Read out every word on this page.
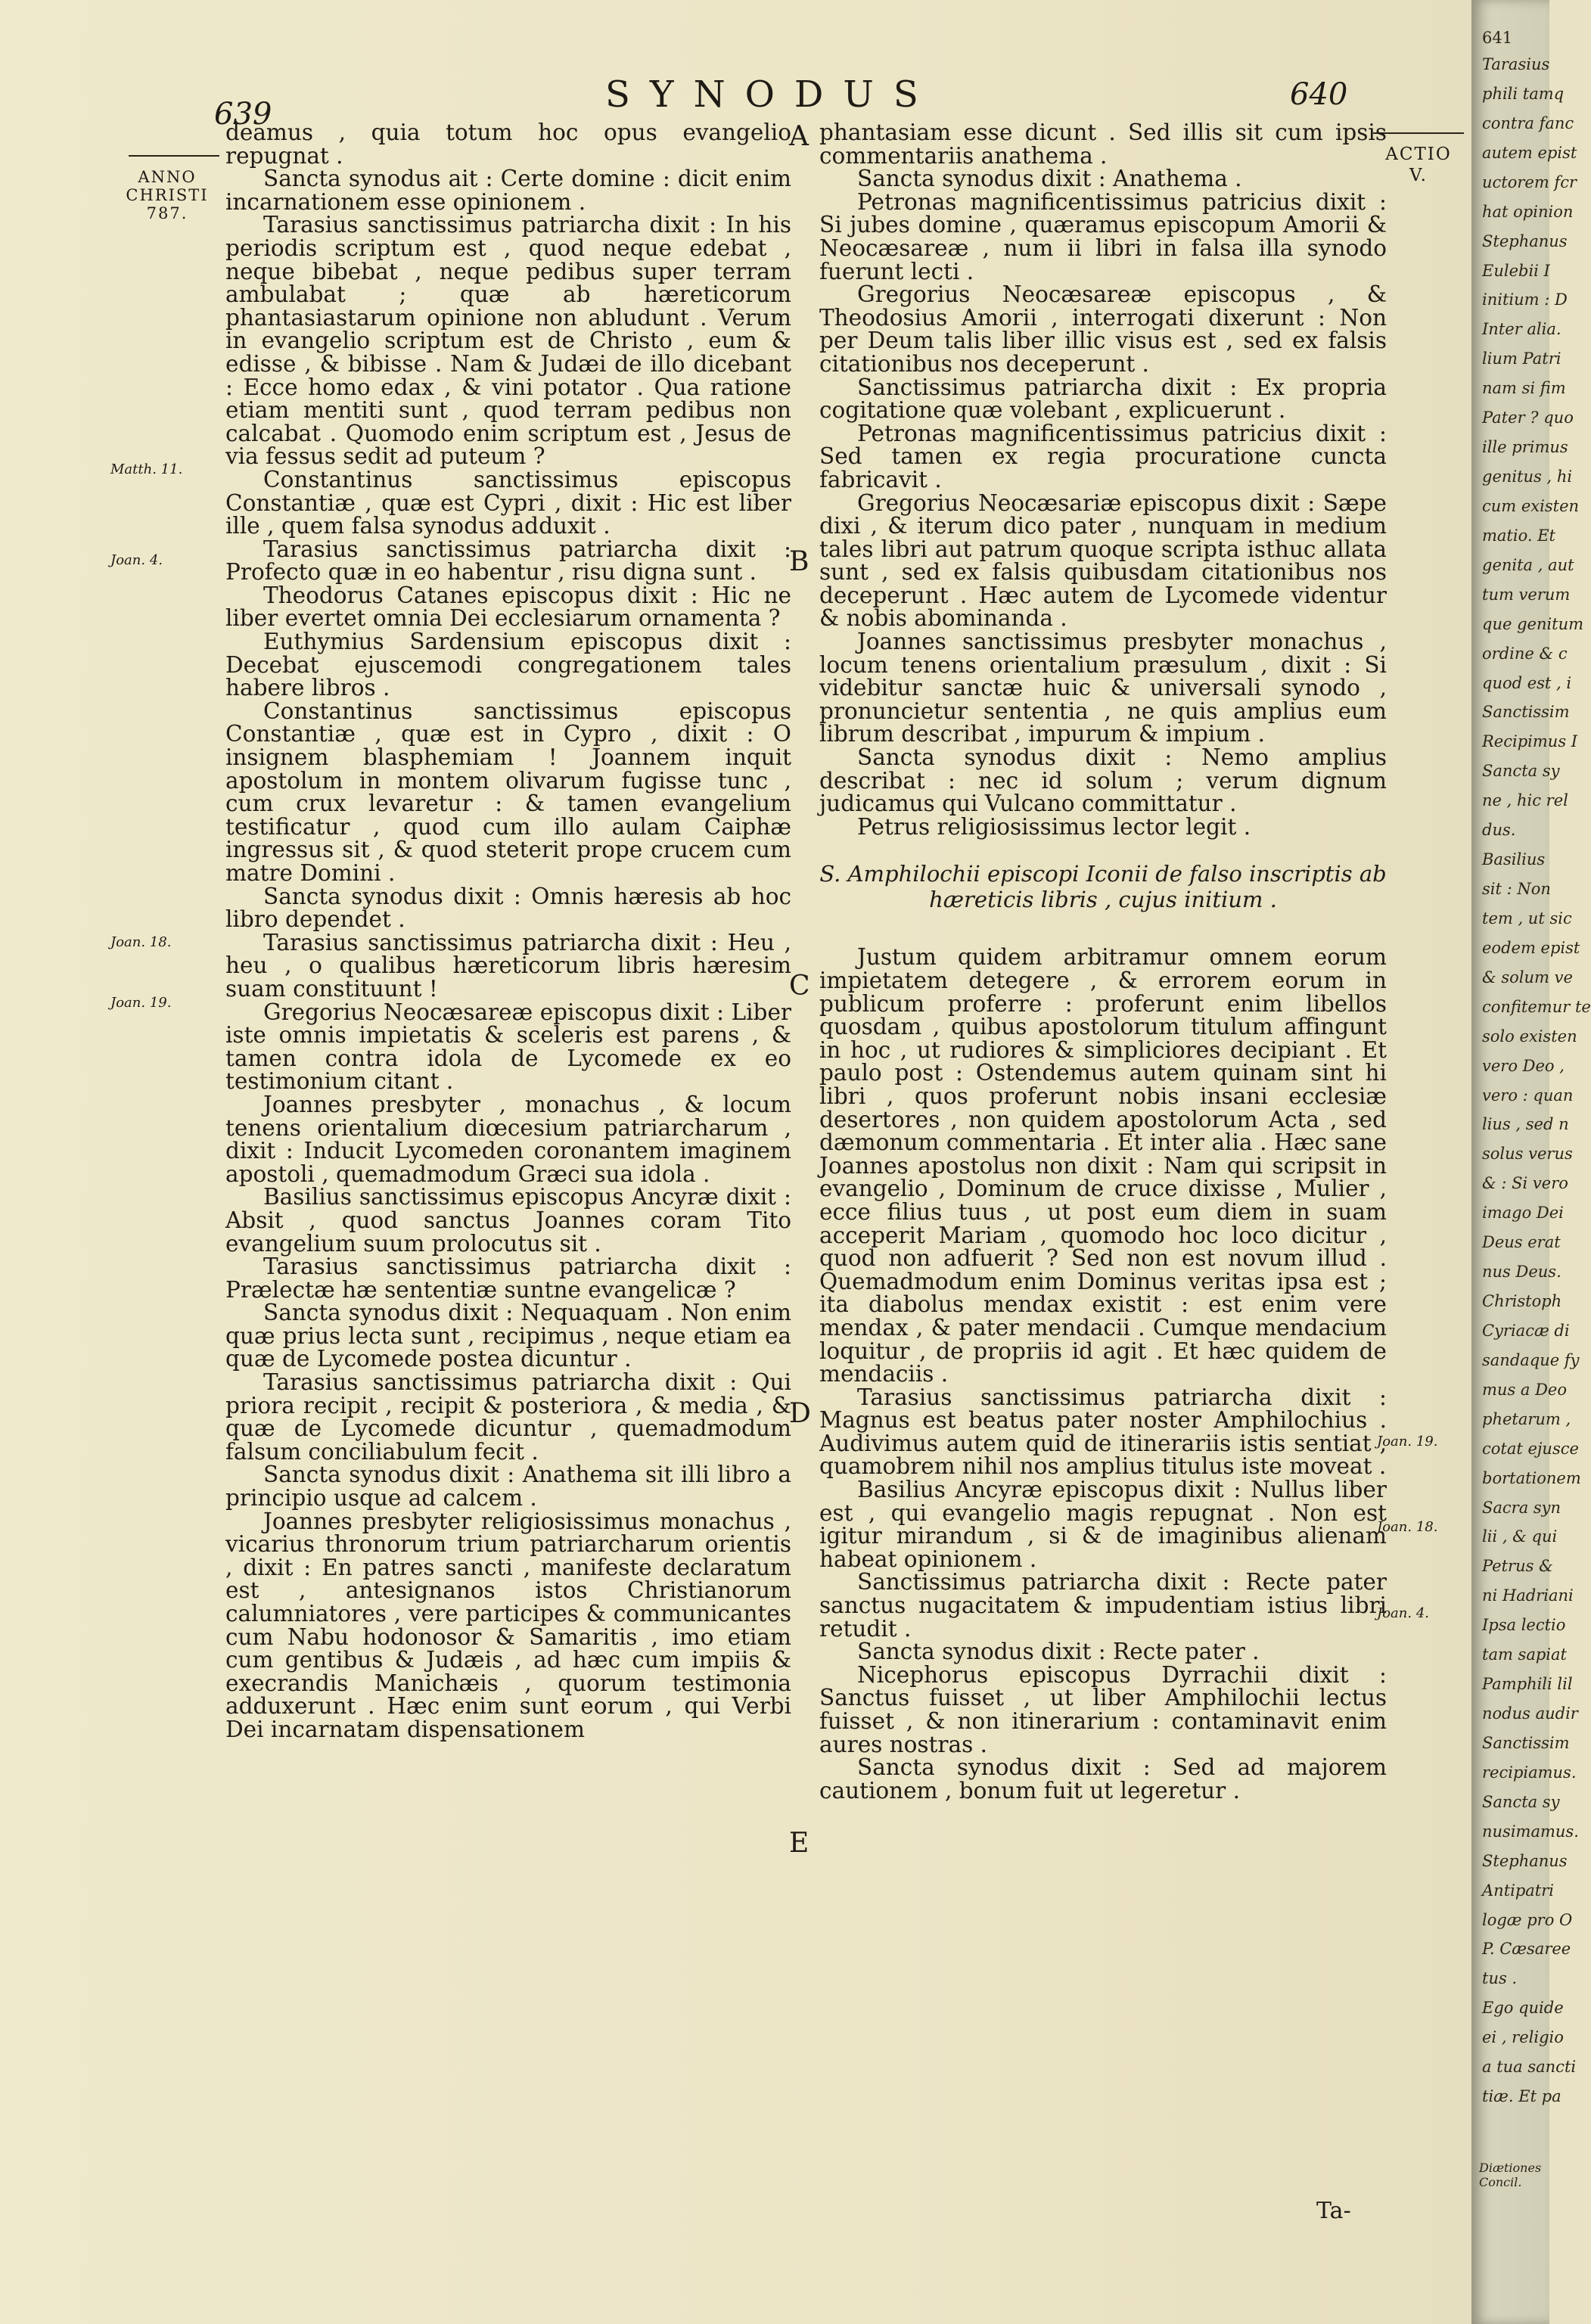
639	SYNODUS	640
ANNO CHRISTI 787.
ACTIO V.
A
B
C
D
E
Matth. 11.
Joan. 4.
Joan. 18.
Joan. 19.
Joan. 19.
Joan. 18.
Joan. 4.

deamus , quia totum hoc opus evangelio repugnat .

Sancta synodus ait : Certe domine : dicit enim incarnationem esse opinionem .

Tarasius sanctissimus patriarcha dixit : In his periodis scriptum est , quod neque edebat , neque bibebat , neque pedibus super terram ambulabat ; quæ ab hæreticorum phantasiastarum opinione non abludunt . Verum in evangelio scriptum est de Christo , eum & edisse , & bibisse . Nam & Judæi de illo dicebant : Ecce homo edax , & vini potator . Qua ratione etiam mentiti sunt , quod terram pedibus non calcabat . Quomodo enim scriptum est , Jesus de via fessus sedit ad puteum ?

Constantinus sanctissimus episcopus Constantiæ , quæ est Cypri , dixit : Hic est liber ille , quem falsa synodus adduxit .

Tarasius sanctissimus patriarcha dixit : Profecto quæ in eo habentur , risu digna sunt .

Theodorus Catanes episcopus dixit : Hic ne liber evertet omnia Dei ecclesiarum ornamenta ?

Euthymius Sardensium episcopus dixit : Decebat ejuscemodi congregationem tales habere libros .

Constantinus sanctissimus episcopus Constantiæ , quæ est in Cypro , dixit : O insignem blasphemiam ! Joannem inquit apostolum in montem olivarum fugisse tunc , cum crux levaretur : & tamen evangelium testificatur , quod cum illo aulam Caiphæ ingressus sit , & quod steterit prope crucem cum matre Domini .

Sancta synodus dixit : Omnis hæresis ab hoc libro dependet .

Tarasius sanctissimus patriarcha dixit : Heu , heu , o qualibus hæreticorum libris hæresim suam constituunt !

Gregorius Neocæsareæ episcopus dixit : Liber iste omnis impietatis & sceleris est parens , & tamen contra idola de Lycomede ex eo testimonium citant .

Joannes presbyter , monachus , & locum tenens orientalium diœcesium patriarcharum , dixit : Inducit Lycomeden coronantem imaginem apostoli , quemadmodum Græci sua idola .

Basilius sanctissimus episcopus Ancyræ dixit : Absit , quod sanctus Joannes coram Tito evangelium suum prolocutus sit .

Tarasius sanctissimus patriarcha dixit : Prælectæ hæ sententiæ suntne evangelicæ ?

Sancta synodus dixit : Nequaquam . Non enim quæ prius lecta sunt , recipimus , neque etiam ea quæ de Lycomede postea dicuntur .

Tarasius sanctissimus patriarcha dixit : Qui priora recipit , recipit & posteriora , & media , & quæ de Lycomede dicuntur , quemadmodum falsum conciliabulum fecit .

Sancta synodus dixit : Anathema sit illi libro a principio usque ad calcem .

Joannes presbyter religiosissimus monachus , vicarius thronorum trium patriarcharum orientis , dixit : En patres sancti , manifeste declaratum est , antesignanos istos Christianorum calumniatores , vere participes & communicantes cum Nabu hodonosor & Samaritis , imo etiam cum gentibus & Judæis , ad hæc cum impiis & execrandis Manichæis , quorum testimonia adduxerunt . Hæc enim sunt eorum , qui Verbi Dei incarnatam dispensationem

phantasiam esse dicunt . Sed illis sit cum ipsis commentariis anathema .

Sancta synodus dixit : Anathema .

Petronas magnificentissimus patricius dixit : Si jubes domine , quæramus episcopum Amorii & Neocæsareæ , num ii libri in falsa illa synodo fuerunt lecti .

Gregorius Neocæsareæ episcopus , & Theodosius Amorii , interrogati dixerunt : Non per Deum talis liber illic visus est , sed ex falsis citationibus nos deceperunt .

Sanctissimus patriarcha dixit : Ex propria cogitatione quæ volebant , explicuerunt .

Petronas magnificentissimus patricius dixit : Sed tamen ex regia procuratione cuncta fabricavit .

Gregorius Neocæsariæ episcopus dixit : Sæpe dixi , & iterum dico pater , nunquam in medium tales libri aut patrum quoque scripta isthuc allata sunt , sed ex falsis quibusdam citationibus nos deceperunt . Hæc autem de Lycomede videntur & nobis abominanda .

Joannes sanctissimus presbyter monachus , locum tenens orientalium præsulum , dixit : Si videbitur sanctæ huic & universali synodo , pronuncietur sententia , ne quis amplius eum librum describat , impurum & impium .

Sancta synodus dixit : Nemo amplius describat : nec id solum ; verum dignum judicamus qui Vulcano committatur .

Petrus religiosissimus lector legit .

S. Amphilochii episcopi Iconii de falso inscriptis ab hæreticis libris , cujus initium .

Justum quidem arbitramur omnem eorum impietatem detegere , & errorem eorum in publicum proferre : proferunt enim libellos quosdam , quibus apostolorum titulum affingunt in hoc , ut rudiores & simpliciores decipiant . Et paulo post : Ostendemus autem quinam sint hi libri , quos proferunt nobis insani ecclesiæ desertores , non quidem apostolorum Acta , sed dæmonum commentaria . Et inter alia . Hæc sane Joannes apostolus non dixit : Nam qui scripsit in evangelio , Dominum de cruce dixisse , Mulier , ecce filius tuus , ut post eum diem in suam acceperit Mariam , quomodo hoc loco dicitur , quod non adfuerit ? Sed non est novum illud . Quemadmodum enim Dominus veritas ipsa est ; ita diabolus mendax existit : est enim vere mendax , & pater mendacii . Cumque mendacium loquitur , de propriis id agit . Et hæc quidem de mendaciis .

Tarasius sanctissimus patriarcha dixit : Magnus est beatus pater noster Amphilochius . Audivimus autem quid de itinerariis istis sentiat , quamobrem nihil nos amplius titulus iste moveat .

Basilius Ancyræ episcopus dixit : Nullus liber est , qui evangelio magis repugnat . Non est igitur mirandum , si & de imaginibus alienam habeat opinionem .

Sanctissimus patriarcha dixit : Recte pater sanctus nugacitatem & impudentiam istius libri retudit .

Sancta synodus dixit : Recte pater .

Nicephorus episcopus Dyrrachii dixit : Sanctus fuisset , ut liber Amphilochii lectus fuisset , & non itinerarium : contaminavit enim aures nostras .

Sancta synodus dixit : Sed ad majorem cautionem , bonum fuit ut legeretur .

Ta-
641
Tarasius
phili tamq
contra fanc
autem epist
uctorem fcr
hat opinion
Stephanus
Eulebii I
initium : D
Inter alia.
lium Patri
nam si fim
Pater ? quo
ille primus
genitus , hi
cum existen
matio. Et
genita , aut
tum verum
que genitum
ordine & c
quod est , i
Sanctissim
Recipimus I
Sancta sy
ne , hic rel
dus.
Basilius
sit : Non
tem , ut sic
eodem epist
& solum ve
confitemur te
solo existen
vero Deo ,
vero : quan
lius , sed n
solus verus
& : Si vero
imago Dei
Deus erat
nus Deus.
Christoph
Cyriacæ di
sandaque fy
mus a Deo
phetarum ,
cotat ejusce
bortationem
Sacra syn
lii , & qui
Petrus &
ni Hadriani
Ipsa lectio
tam sapiat
Pamphili lil
nodus audir
Sanctissim
recipiamus.
Sancta sy
nusimamus.
Stephanus
Antipatri
logæ pro O
P. Cæsaree
tus .
Ego quide
ei , religio
a tua sancti
tiæ. Et pa
Diætiones Concil.
